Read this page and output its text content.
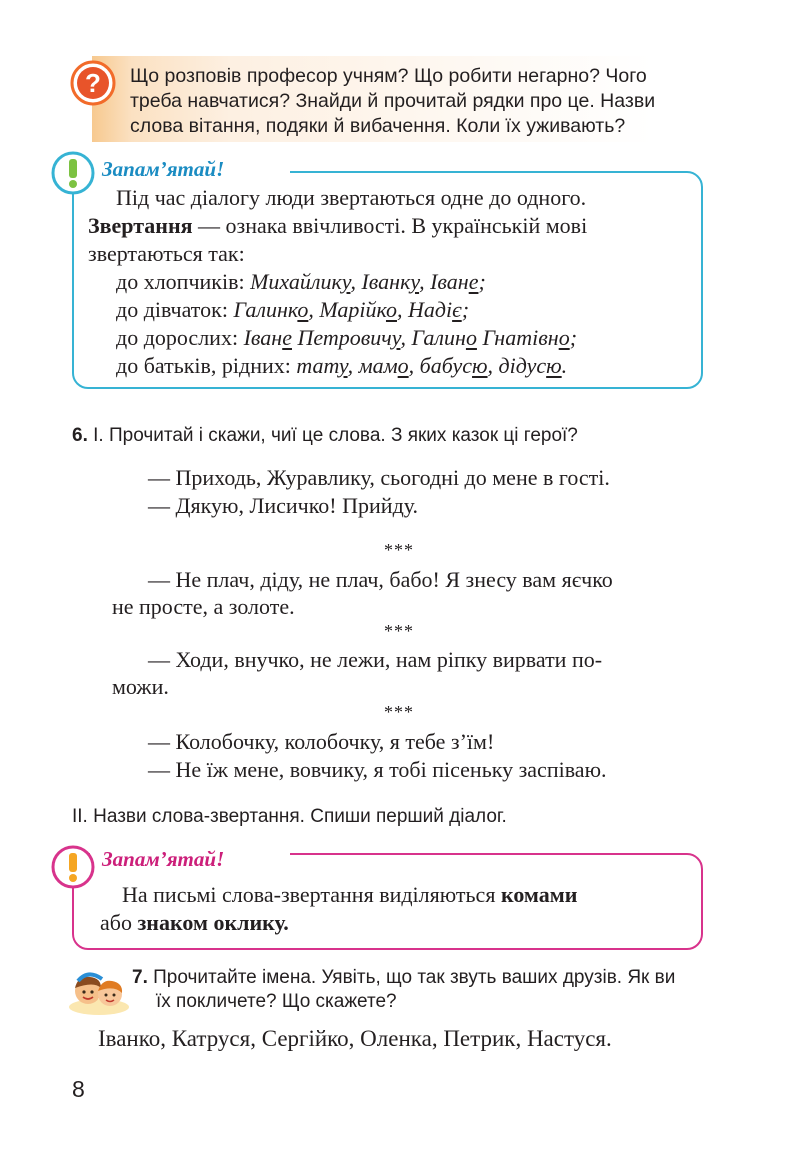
? Що розповів професор учням? Що робити негарно? Чого
треба навчатися? Знайди й прочитай рядки про це. Назви
слова вітання, подяки й вибачення. Коли їх уживають?
Запам’ятай!
Під час діалогу люди звертаються одне до одного.
Звертання — ознака ввічливості. В українській мові
звертаються так:
до хлопчиків: Михайлику, Іванку, Іване;
до дівчаток: Галинко, Марійко, Надіє;
до дорослих: Іване Петровичу, Галино Гнатівно;
до батьків, рідних: тату, мамо, бабусю, дідусю.
6. І. Прочитай і скажи, чиї це слова. З яких казок ці герої?
— Приходь, Журавлику, сьогодні до мене в гості.
— Дякую, Лисичко! Прийду.
***
— Не плач, діду, не плач, бабо! Я знесу вам яєчко
не просте, а золоте.
***
— Ходи, внучко, не лежи, нам ріпку вирвати по-
можи.
***
— Колобочку, колобочку, я тебе з’їм!
— Не їж мене, вовчику, я тобі пісеньку заспіваю.
ІІ. Назви слова-звертання. Спиши перший діалог.
Запам’ятай!
На письмі слова-звертання виділяються комами
або знаком оклику.
7. Прочитайте імена. Уявіть, що так звуть ваших друзів. Як ви
їх покличете? Що скажете?
Іванко, Катруся, Сергійко, Оленка, Петрик, Настуся.
8
